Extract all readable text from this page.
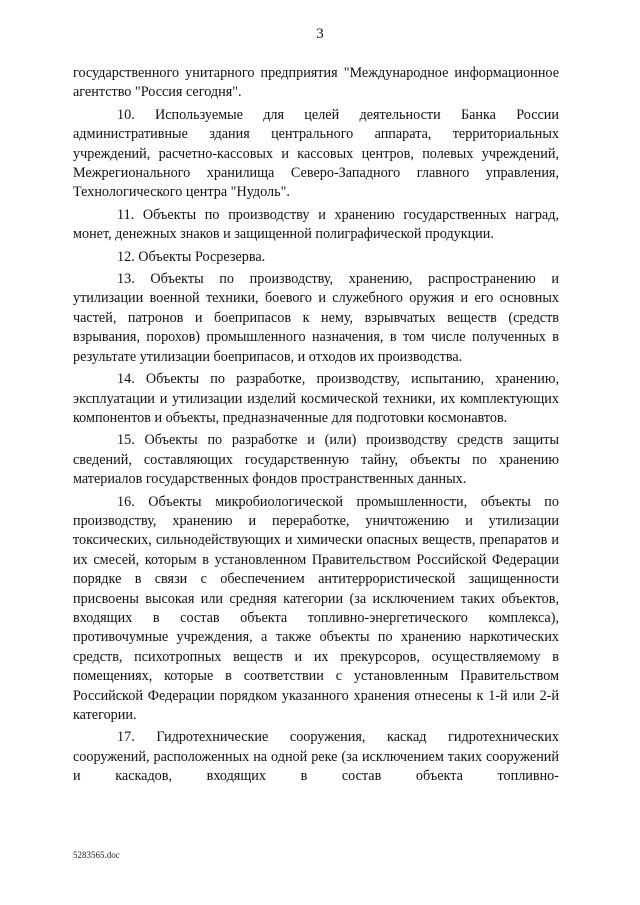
3

государственного унитарного предприятия "Международное информационное агентство "Россия сегодня".

10. Используемые для целей деятельности Банка России административные здания центрального аппарата, территориальных учреждений, расчетно-кассовых и кассовых центров, полевых учреждений, Межрегионального хранилища Северо-Западного главного управления, Технологического центра "Нудоль".

11. Объекты по производству и хранению государственных наград, монет, денежных знаков и защищенной полиграфической продукции.

12. Объекты Росрезерва.

13. Объекты по производству, хранению, распространению и утилизации военной техники, боевого и служебного оружия и его основных частей, патронов и боеприпасов к нему, взрывчатых веществ (средств взрывания, порохов) промышленного назначения, в том числе полученных в результате утилизации боеприпасов, и отходов их производства.

14. Объекты по разработке, производству, испытанию, хранению, эксплуатации и утилизации изделий космической техники, их комплектующих компонентов и объекты, предназначенные для подготовки космонавтов.

15. Объекты по разработке и (или) производству средств защиты сведений, составляющих государственную тайну, объекты по хранению материалов государственных фондов пространственных данных.

16. Объекты микробиологической промышленности, объекты по производству, хранению и переработке, уничтожению и утилизации токсических, сильнодействующих и химически опасных веществ, препаратов и их смесей, которым в установленном Правительством Российской Федерации порядке в связи с обеспечением антитеррористической защищенности присвоены высокая или средняя категории (за исключением таких объектов, входящих в состав объекта топливно-энергетического комплекса), противочумные учреждения, а также объекты по хранению наркотических средств, психотропных веществ и их прекурсоров, осуществляемому в помещениях, которые в соответствии с установленным Правительством Российской Федерации порядком указанного хранения отнесены к 1-й или 2-й категории.

17. Гидротехнические сооружения, каскад гидротехнических сооружений, расположенных на одной реке (за исключением таких сооружений и каскадов, входящих в состав объекта топливно-

5283565.doc
